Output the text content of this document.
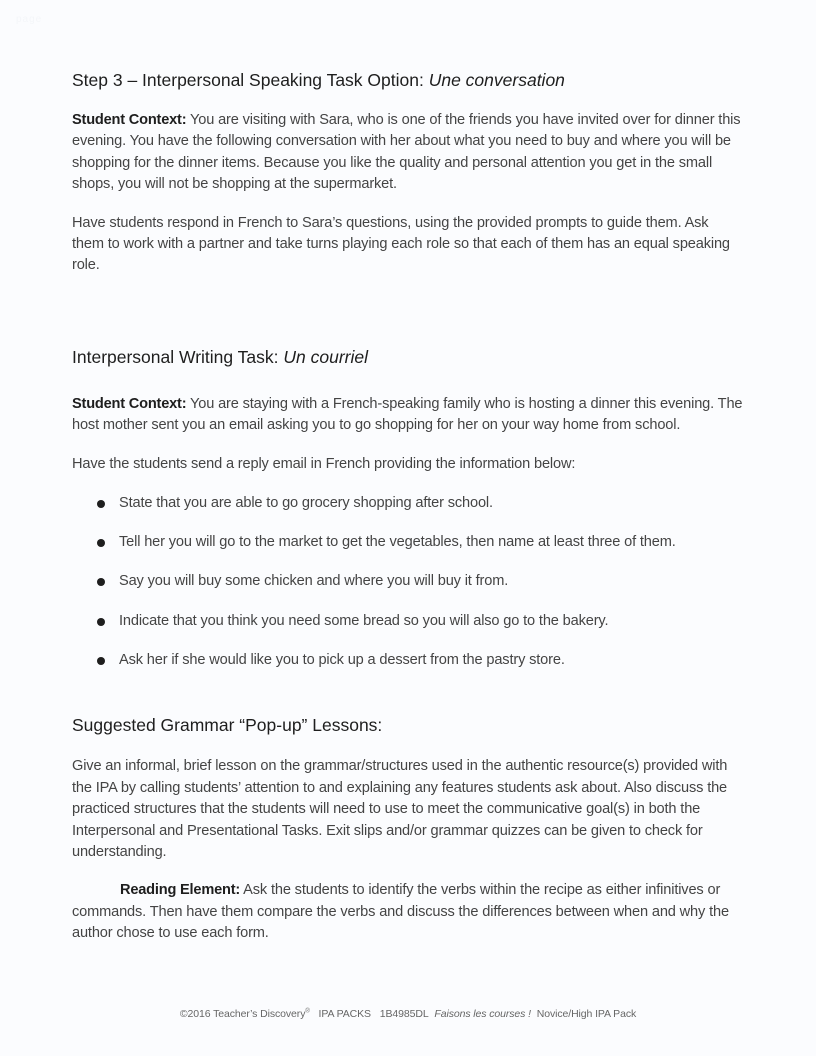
page
Step 3 – Interpersonal Speaking Task Option: Une conversation

Student Context: You are visiting with Sara, who is one of the friends you have invited over for dinner this evening. You have the following conversation with her about what you need to buy and where you will be shopping for the dinner items. Because you like the quality and personal attention you get in the small shops, you will not be shopping at the supermarket.

Have students respond in French to Sara’s questions, using the provided prompts to guide them. Ask them to work with a partner and take turns playing each role so that each of them has an equal speaking role.

Interpersonal Writing Task: Un courriel

Student Context: You are staying with a French-speaking family who is hosting a dinner this evening. The host mother sent you an email asking you to go shopping for her on your way home from school.

Have the students send a reply email in French providing the information below:

State that you are able to go grocery shopping after school.
Tell her you will go to the market to get the vegetables, then name at least three of them.
Say you will buy some chicken and where you will buy it from.
Indicate that you think you need some bread so you will also go to the bakery.
Ask her if she would like you to pick up a dessert from the pastry store.
Suggested Grammar “Pop-up” Lessons:

Give an informal, brief lesson on the grammar/structures used in the authentic resource(s) provided with the IPA by calling students’ attention to and explaining any features students ask about. Also discuss the practiced structures that the students will need to use to meet the communicative goal(s) in both the Interpersonal and Presentational Tasks. Exit slips and/or grammar quizzes can be given to check for understanding.

Reading Element: Ask the students to identify the verbs within the recipe as either infinitives or commands. Then have them compare the verbs and discuss the differences between when and why the author chose to use each form.

©2016 Teacher’s Discovery® IPA PACKS 1B4985DL Faisons les courses ! Novice/High IPA Pack
